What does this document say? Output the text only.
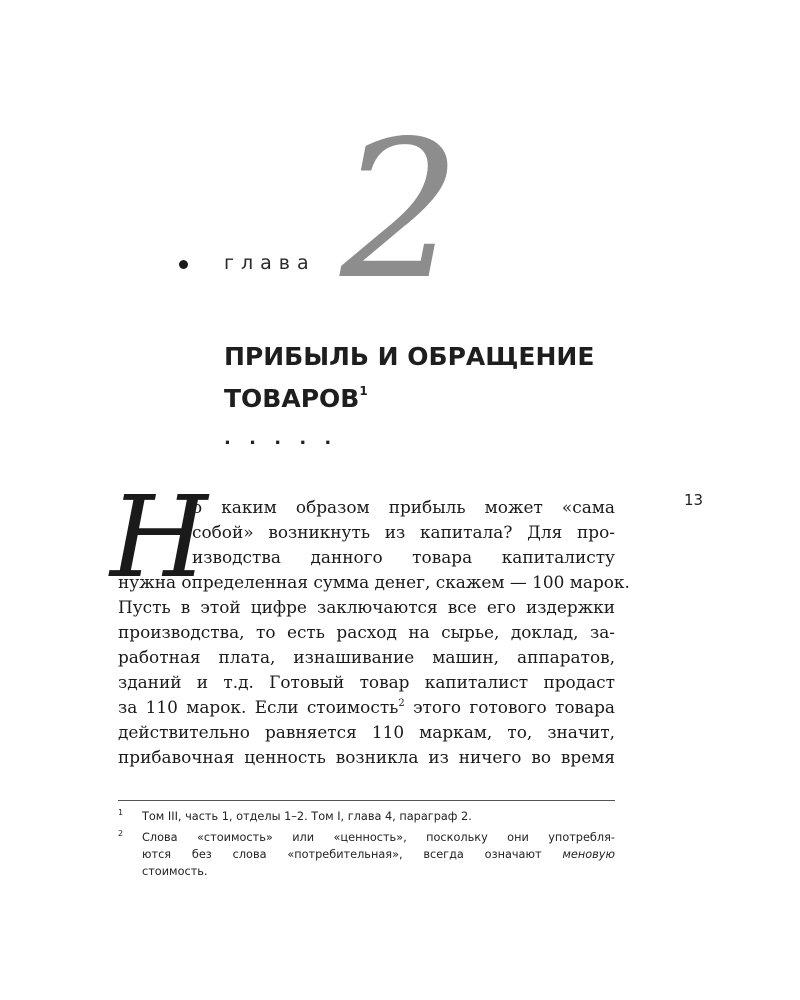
глава 2
ПРИБЫЛЬ И ОБРАЩЕНИЕ
ТОВАРОВ$^1$
. . . . .
13
Н
о каким образом прибыль может «сама
собой» возникнуть из капитала? Для про-
изводства данного товара капиталисту
нужна определенная сумма денег, скажем — 100 марок.
Пусть в этой цифре заключаются все его издержки
производства, то есть расход на сырье, доклад, за-
работная плата, изнашивание машин, аппаратов,
зданий и т.д. Готовый товар капиталист продаст
за 110 марок. Если стоимость$^2$ этого готового товара
действительно равняется 110 маркам, то, значит,
прибавочная ценность возникла из ничего во время
1 Том III, часть 1, отделы 1–2. Том I, глава 4, параграф 2.
2 Слова «стоимость» или «ценность», поскольку они употребля-
ются без слова «потребительная», всегда означают меновую
стоимость.
